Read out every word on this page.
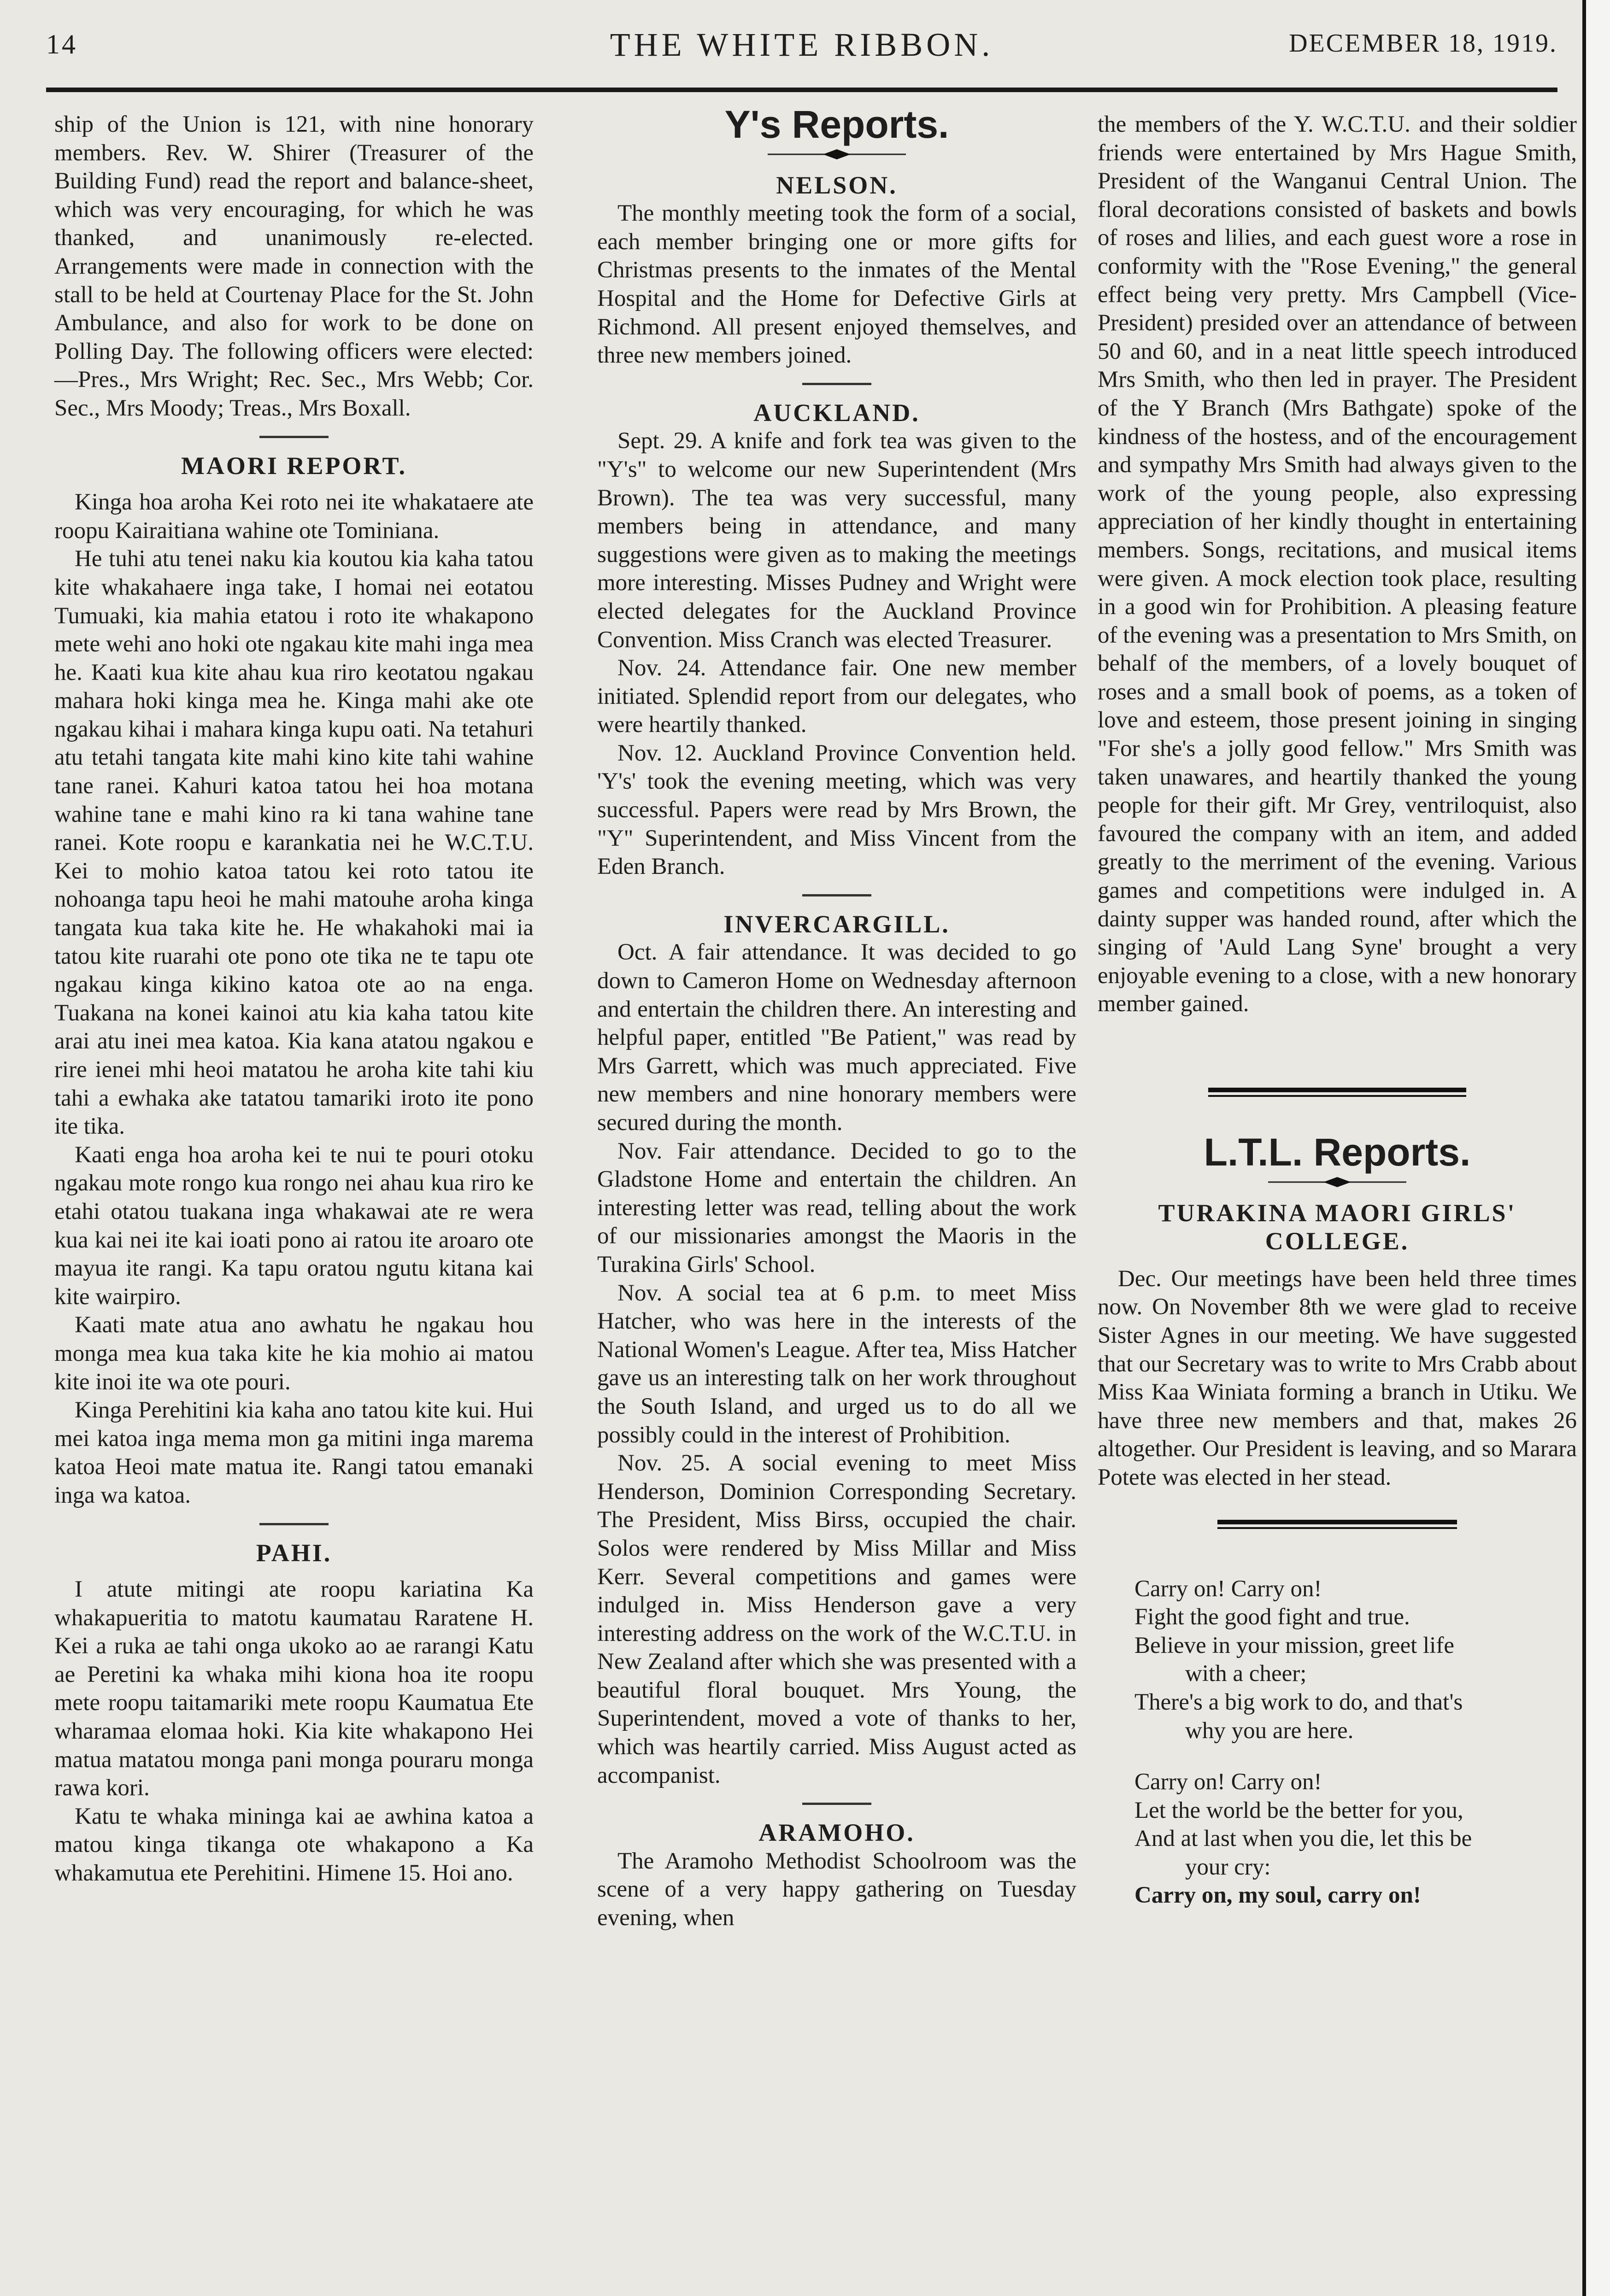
14	THE WHITE RIBBON.	DECEMBER 18, 1919.

ship of the Union is 121, with nine honorary members. Rev. W. Shirer (Treasurer of the Building Fund) read the report and balance-sheet, which was very encouraging, for which he was thanked, and unanimously re-elected. Arrangements were made in connection with the stall to be held at Courtenay Place for the St. John Ambulance, and also for work to be done on Polling Day. The following officers were elected:—Pres., Mrs Wright; Rec. Sec., Mrs Webb; Cor. Sec., Mrs Moody; Treas., Mrs Boxall.

MAORI REPORT.

Kinga hoa aroha Kei roto nei ite whakataere ate roopu Kairaitiana wahine ote Tominiana.

He tuhi atu tenei naku kia koutou kia kaha tatou kite whakahaere inga take, I homai nei eotatou Tumuaki, kia mahia etatou i roto ite whakapono mete wehi ano hoki ote ngakau kite mahi inga mea he. Kaati kua kite ahau kua riro keotatou ngakau mahara hoki kinga mea he. Kinga mahi ake ote ngakau kihai i mahara kinga kupu oati. Na tetahuri atu tetahi tangata kite mahi kino kite tahi wahine tane ranei. Kahuri katoa tatou hei hoa motana wahine tane e mahi kino ra ki tana wahine tane ranei. Kote roopu e karankatia nei he W.C.T.U. Kei to mohio katoa tatou kei roto tatou ite nohoanga tapu heoi he mahi matouhe aroha kinga tangata kua taka kite he. He whakahoki mai ia tatou kite ruarahi ote pono ote tika ne te tapu ote ngakau kinga kikino katoa ote ao na enga. Tuakana na konei kainoi atu kia kaha tatou kite arai atu inei mea katoa. Kia kana atatou ngakou e rire ienei mhi heoi matatou he aroha kite tahi kiu tahi a ewhaka ake tatatou tamariki iroto ite pono ite tika.

Kaati enga hoa aroha kei te nui te pouri otoku ngakau mote rongo kua rongo nei ahau kua riro ke etahi otatou tuakana inga whakawai ate re wera kua kai nei ite kai ioati pono ai ratou ite aroaro ote mayua ite rangi. Ka tapu oratou ngutu kitana kai kite wairpiro.

Kaati mate atua ano awhatu he ngakau hou monga mea kua taka kite he kia mohio ai matou kite inoi ite wa ote pouri.

Kinga Perehitini kia kaha ano tatou kite kui. Hui mei katoa inga mema mon ga mitini inga marema katoa Heoi mate matua ite. Rangi tatou emanaki inga wa katoa.

PAHI.

I atute mitingi ate roopu kariatina Ka whakapueritia to matotu kaumatau Raratene H. Kei a ruka ae tahi onga ukoko ao ae rarangi Katu ae Peretini ka whaka mihi kiona hoa ite roopu mete roopu taitamariki mete roopu Kaumatua Ete wharamaa elomaa hoki. Kia kite whakapono Hei matua matatou monga pani monga pouraru monga rawa kori.

Katu te whaka mininga kai ae awhina katoa a matou kinga tikanga ote whakapono a Ka whakamutua ete Perehitini. Himene 15. Hoi ano.

Y's Reports.
NELSON.

The monthly meeting took the form of a social, each member bringing one or more gifts for Christmas presents to the inmates of the Mental Hospital and the Home for Defective Girls at Richmond. All present enjoyed themselves, and three new members joined.

AUCKLAND.

Sept. 29. A knife and fork tea was given to the "Y's" to welcome our new Superintendent (Mrs Brown). The tea was very successful, many members being in attendance, and many suggestions were given as to making the meetings more interesting. Misses Pudney and Wright were elected delegates for the Auckland Province Convention. Miss Cranch was elected Treasurer.

Nov. 24. Attendance fair. One new member initiated. Splendid report from our delegates, who were heartily thanked.

Nov. 12. Auckland Province Convention held. 'Y's' took the evening meeting, which was very successful. Papers were read by Mrs Brown, the "Y" Superintendent, and Miss Vincent from the Eden Branch.

INVERCARGILL.

Oct. A fair attendance. It was decided to go down to Cameron Home on Wednesday afternoon and entertain the children there. An interesting and helpful paper, entitled "Be Patient," was read by Mrs Garrett, which was much appreciated. Five new members and nine honorary members were secured during the month.

Nov. Fair attendance. Decided to go to the Gladstone Home and entertain the children. An interesting letter was read, telling about the work of our missionaries amongst the Maoris in the Turakina Girls' School.

Nov. A social tea at 6 p.m. to meet Miss Hatcher, who was here in the interests of the National Women's League. After tea, Miss Hatcher gave us an interesting talk on her work throughout the South Island, and urged us to do all we possibly could in the interest of Prohibition.

Nov. 25. A social evening to meet Miss Henderson, Dominion Corresponding Secretary. The President, Miss Birss, occupied the chair. Solos were rendered by Miss Millar and Miss Kerr. Several competitions and games were indulged in. Miss Henderson gave a very interesting address on the work of the W.C.T.U. in New Zealand after which she was presented with a beautiful floral bouquet. Mrs Young, the Superintendent, moved a vote of thanks to her, which was heartily carried. Miss August acted as accompanist.

ARAMOHO.

The Aramoho Methodist Schoolroom was the scene of a very happy gathering on Tuesday evening, when

the members of the Y. W.C.T.U. and their soldier friends were entertained by Mrs Hague Smith, President of the Wanganui Central Union. The floral decorations consisted of baskets and bowls of roses and lilies, and each guest wore a rose in conformity with the "Rose Evening," the general effect being very pretty. Mrs Campbell (Vice-President) presided over an attendance of between 50 and 60, and in a neat little speech introduced Mrs Smith, who then led in prayer. The President of the Y Branch (Mrs Bathgate) spoke of the kindness of the hostess, and of the encouragement and sympathy Mrs Smith had always given to the work of the young people, also expressing appreciation of her kindly thought in entertaining members. Songs, recitations, and musical items were given. A mock election took place, resulting in a good win for Prohibition. A pleasing feature of the evening was a presentation to Mrs Smith, on behalf of the members, of a lovely bouquet of roses and a small book of poems, as a token of love and esteem, those present joining in singing "For she's a jolly good fellow." Mrs Smith was taken unawares, and heartily thanked the young people for their gift. Mr Grey, ventriloquist, also favoured the company with an item, and added greatly to the merriment of the evening. Various games and competitions were indulged in. A dainty supper was handed round, after which the singing of 'Auld Lang Syne' brought a very enjoyable evening to a close, with a new honorary member gained.

L.T.L. Reports.
TURAKINA MAORI GIRLS' COLLEGE.

Dec. Our meetings have been held three times now. On November 8th we were glad to receive Sister Agnes in our meeting. We have suggested that our Secretary was to write to Mrs Crabb about Miss Kaa Winiata forming a branch in Utiku. We have three new members and that, makes 26 altogether. Our President is leaving, and so Marara Potete was elected in her stead.

Carry on! Carry on!

Fight the good fight and true.

Believe in your mission, greet life

with a cheer;

There's a big work to do, and that's

why you are here.

Carry on! Carry on!

Let the world be the better for you,

And at last when you die, let this be

your cry:

Carry on, my soul, carry on!
